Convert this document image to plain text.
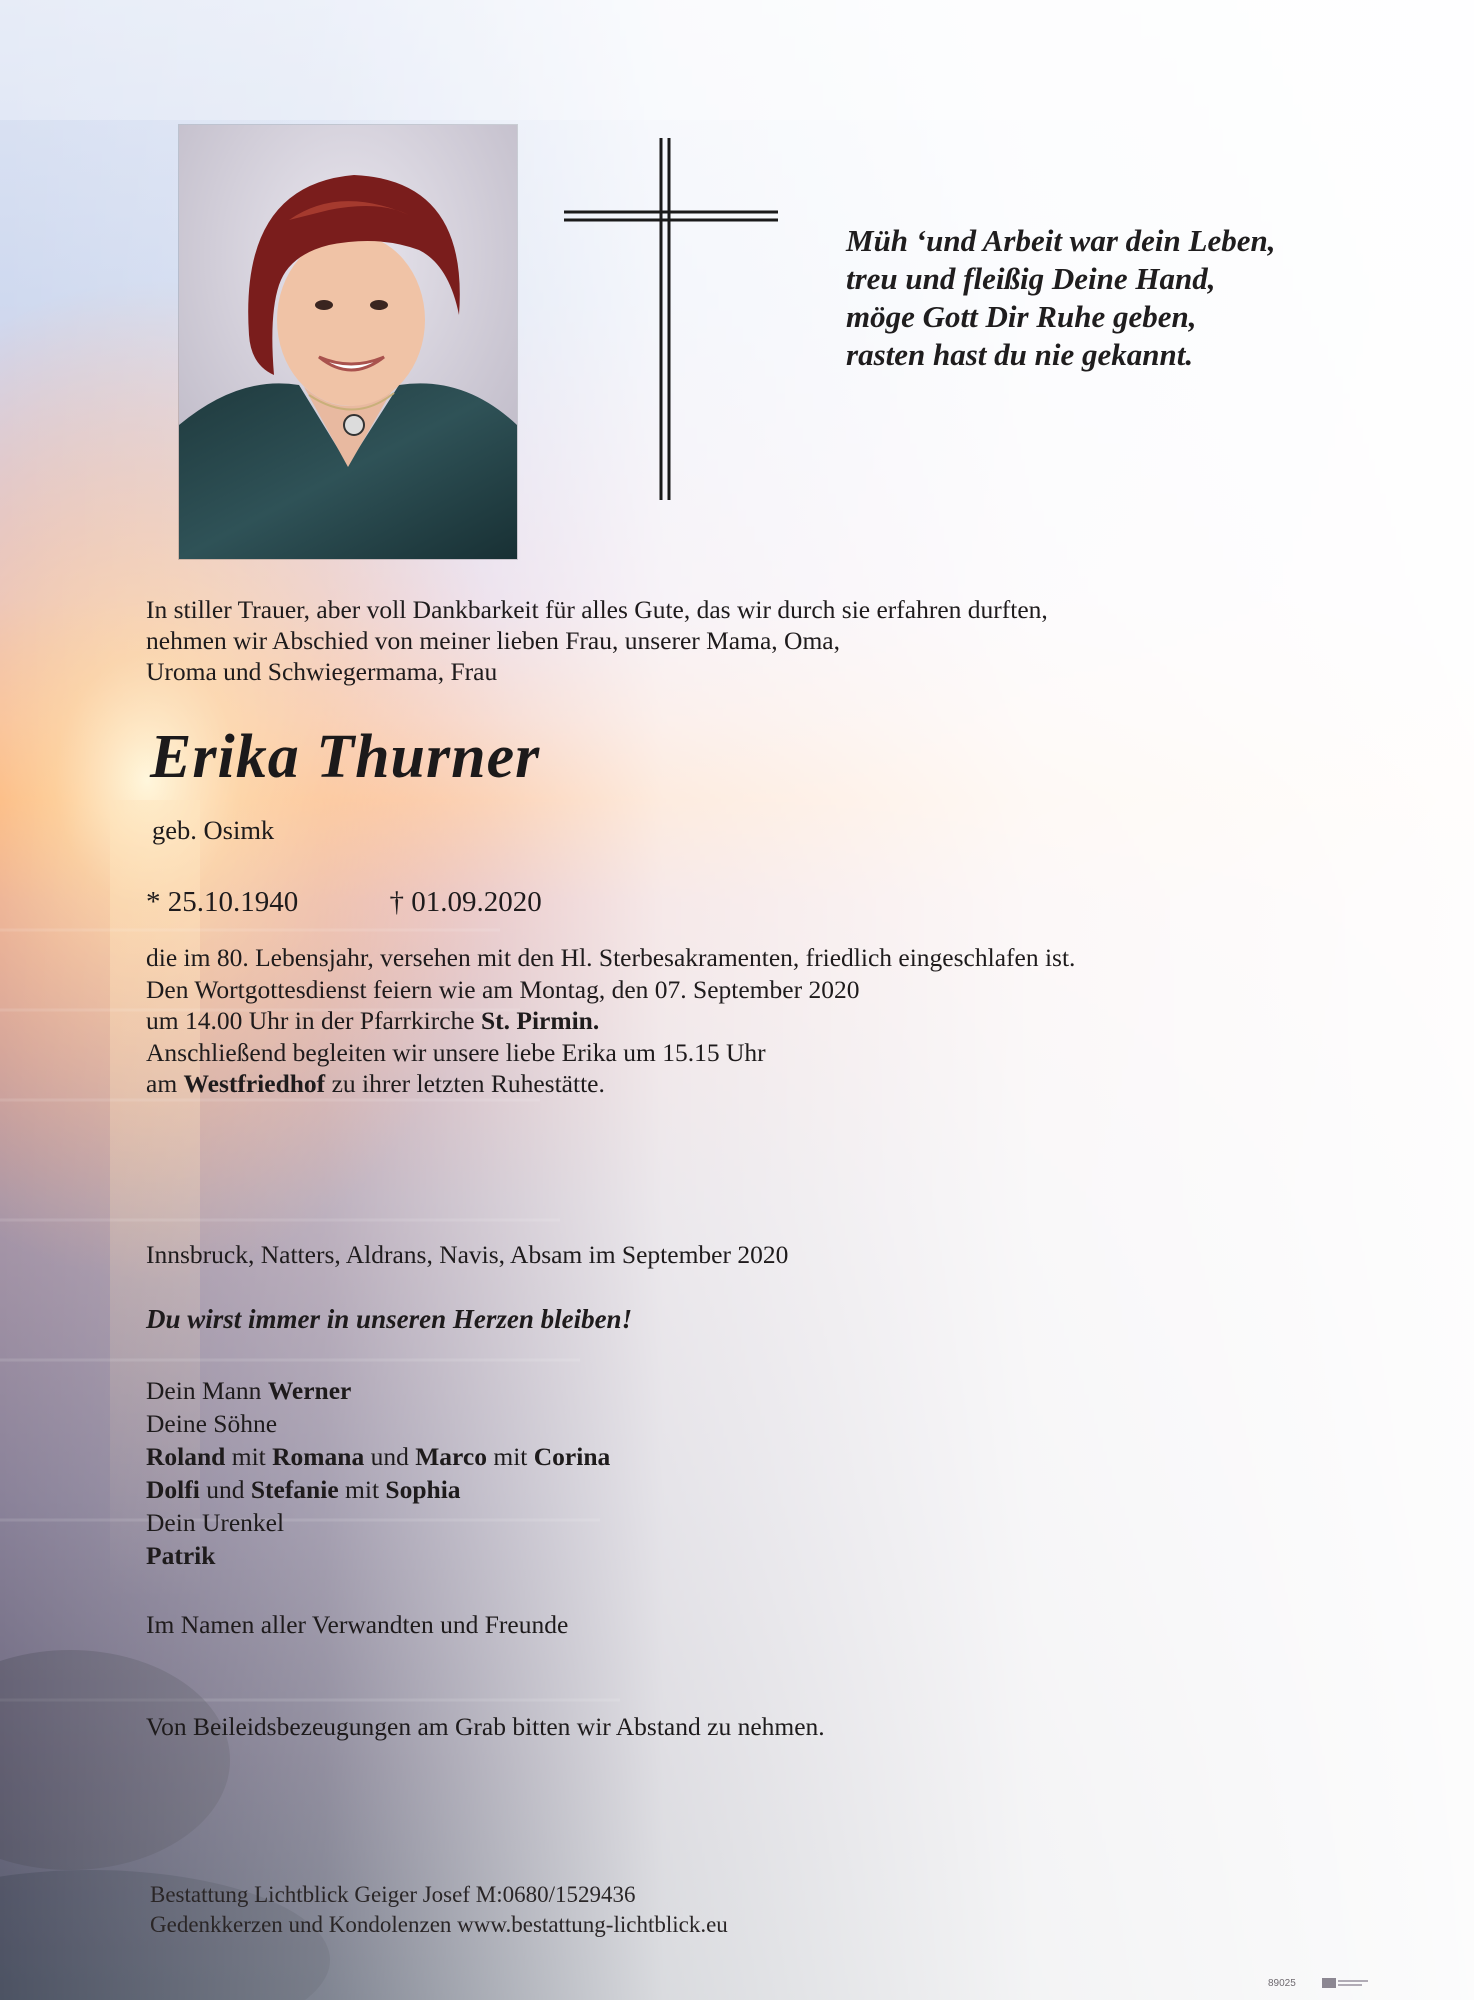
Müh ‘und Arbeit war dein Leben,
treu und fleißig Deine Hand,
möge Gott Dir Ruhe geben,
rasten hast du nie gekannt.
In stiller Trauer, aber voll Dankbarkeit für alles Gute, das wir durch sie erfahren durften,
nehmen wir Abschied von meiner lieben Frau, unserer Mama, Oma,
Uroma und Schwiegermama, Frau
Erika Thurner
geb. Osimk
* 25.10.1940	† 01.09.2020
die im 80. Lebensjahr, versehen mit den Hl. Sterbesakramenten, friedlich eingeschlafen ist.
Den Wortgottesdienst feiern wie am Montag, den 07. September 2020
um 14.00 Uhr in der Pfarrkirche St. Pirmin.
Anschließend begleiten wir unsere liebe Erika um 15.15 Uhr
am Westfriedhof zu ihrer letzten Ruhestätte.
Innsbruck, Natters, Aldrans, Navis, Absam im September 2020
Du wirst immer in unseren Herzen bleiben!
Dein Mann Werner
Deine Söhne
Roland mit Romana und Marco mit Corina
Dolfi und Stefanie mit Sophia
Dein Urenkel
Patrik
Im Namen aller Verwandten und Freunde
Von Beileidsbezeugungen am Grab bitten wir Abstand zu nehmen.
Bestattung Lichtblick Geiger Josef M:0680/1529436
Gedenkkerzen und Kondolenzen www.bestattung-lichtblick.eu
89025
